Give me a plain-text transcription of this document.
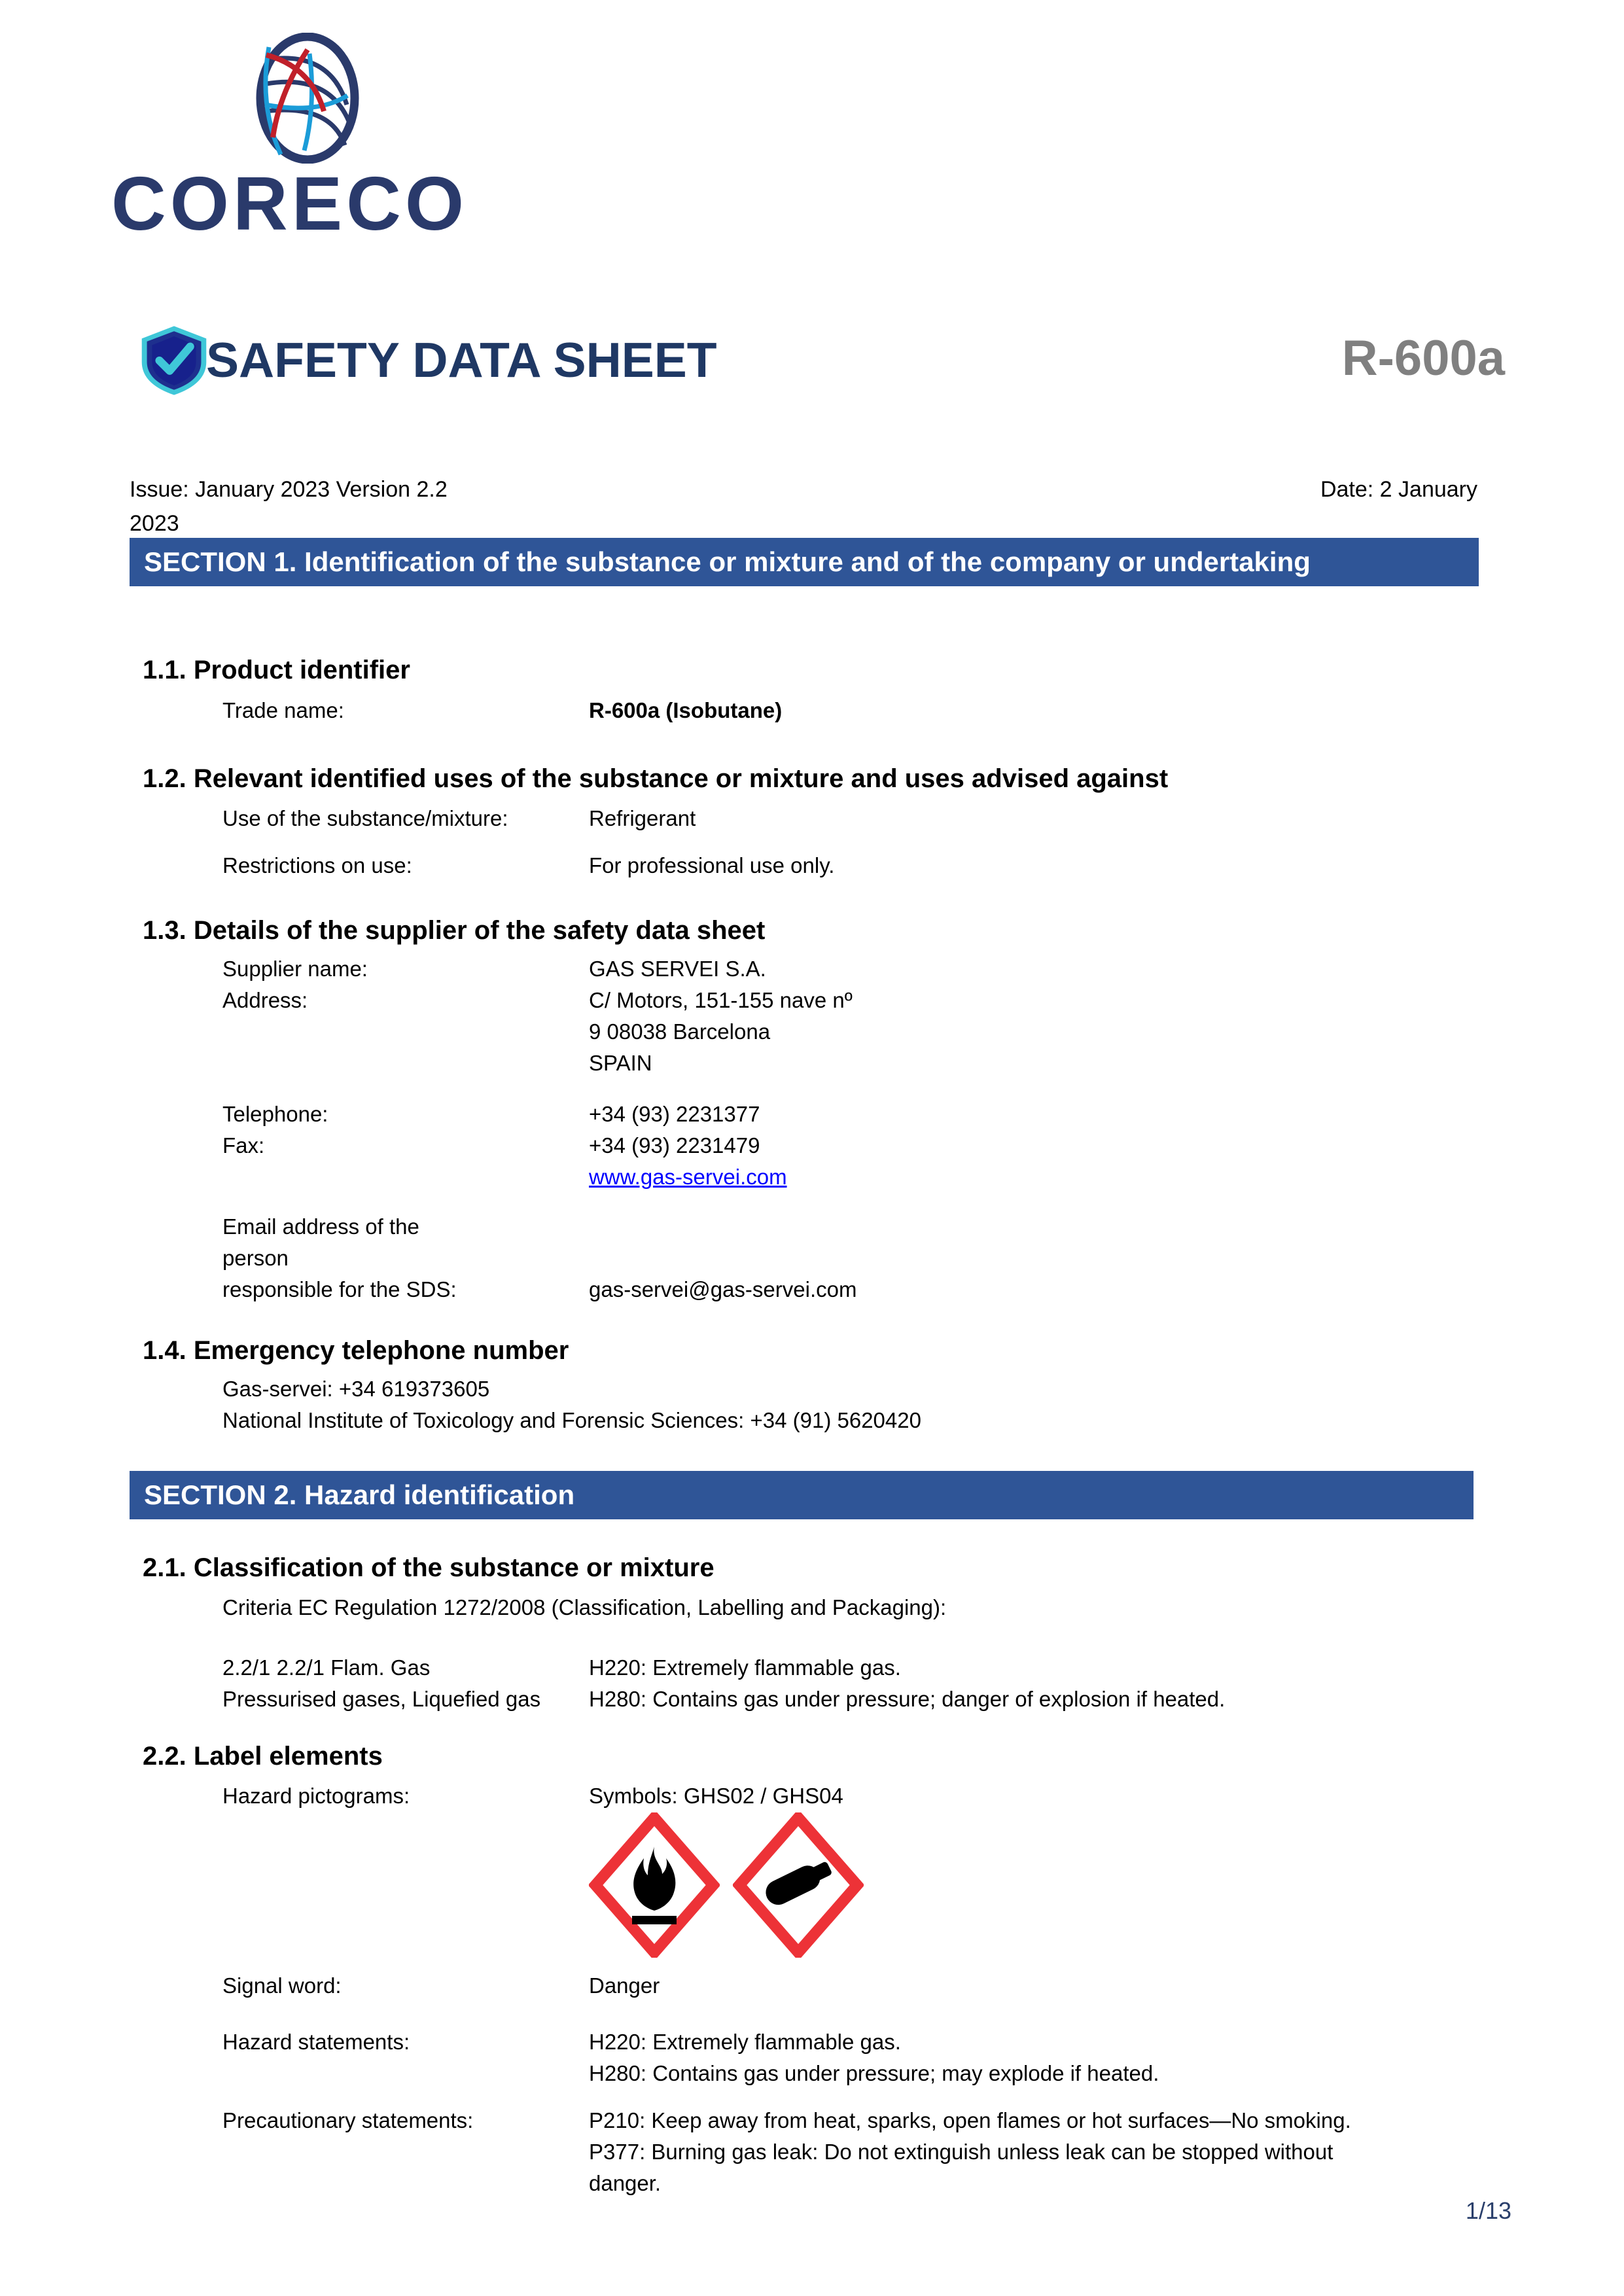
CORECO
SAFETY DATA SHEET	R-600a
Issue: January 2023 Version 2.2	Date: 2 January
2023
SECTION 1. Identification of the substance or mixture and of the company or undertaking
1.1. Product identifier
Trade name:	R-600a (Isobutane)
1.2. Relevant identified uses of the substance or mixture and uses advised against
Use of the substance/mixture:	Refrigerant
Restrictions on use:	For professional use only.
1.3. Details of the supplier of the safety data sheet
Supplier name:	GAS SERVEI S.A.
Address:	C/ Motors, 151-155 nave nº
9 08038 Barcelona
SPAIN
Telephone:	+34 (93) 2231377
Fax:	+34 (93) 2231479
www.gas-servei.com
Email address of the
person
responsible for the SDS:	gas-servei@gas-servei.com
1.4. Emergency telephone number
Gas-servei: +34 619373605
National Institute of Toxicology and Forensic Sciences: +34 (91) 5620420
SECTION 2. Hazard identification
2.1. Classification of the substance or mixture
Criteria EC Regulation 1272/2008 (Classification, Labelling and Packaging):
2.2/1 2.2/1 Flam. Gas	H220: Extremely flammable gas.
Pressurised gases, Liquefied gas H280: Contains gas under pressure; danger of explosion if heated.
2.2. Label elements
Hazard pictograms:	Symbols: GHS02 / GHS04
Signal word:	Danger
Hazard statements:	H220: Extremely flammable gas.
H280: Contains gas under pressure; may explode if heated.
Precautionary statements:	P210: Keep away from heat, sparks, open flames or hot surfaces—No smoking.
P377: Burning gas leak: Do not extinguish unless leak can be stopped without
danger.
1/13
